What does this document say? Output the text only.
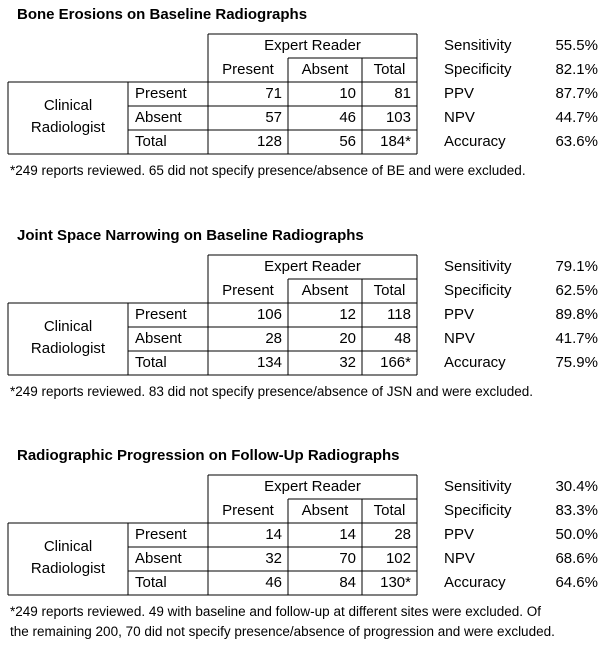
Bone Erosions on Baseline Radiographs
Expert Reader
Present	Absent	Total
Clinical
Radiologist
Present	71	10	81
Absent	57	46	103
Total	128	56	184*
Sensitivity	55.5%
Specificity	82.1%
PPV	87.7%
NPV	44.7%
Accuracy	63.6%
*249 reports reviewed. 65 did not specify presence/absence of BE and were excluded.
Joint Space Narrowing on Baseline Radiographs
Expert Reader
Present	Absent	Total
Clinical
Radiologist
Present	106	12	118
Absent	28	20	48
Total	134	32	166*
Sensitivity	79.1%
Specificity	62.5%
PPV	89.8%
NPV	41.7%
Accuracy	75.9%
*249 reports reviewed. 83 did not specify presence/absence of JSN and were excluded.
Radiographic Progression on Follow-Up Radiographs
Expert Reader
Present	Absent	Total
Clinical
Radiologist
Present	14	14	28
Absent	32	70	102
Total	46	84	130*
Sensitivity	30.4%
Specificity	83.3%
PPV	50.0%
NPV	68.6%
Accuracy	64.6%
*249 reports reviewed. 49 with baseline and follow-up at different sites were excluded. Of
the remaining 200, 70 did not specify presence/absence of progression and were excluded.
